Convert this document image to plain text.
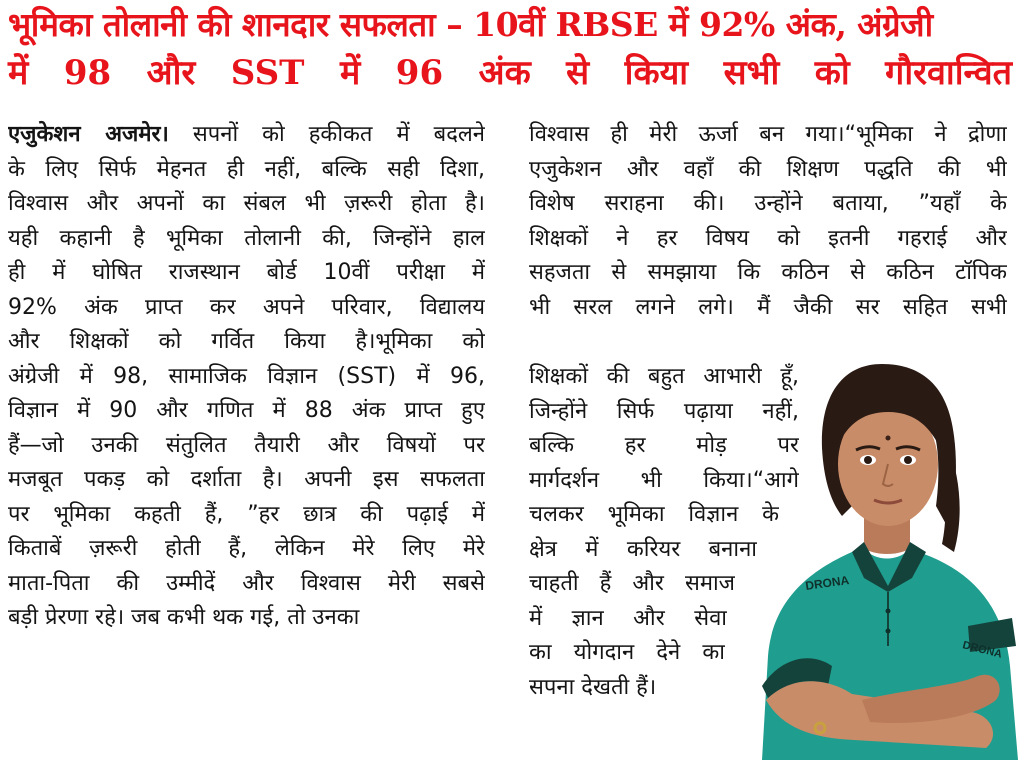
भूमिका तोलानी की शानदार सफलता – 10वीं RBSE में 92% अंक, अंग्रेजी
में 98 और SST में 96 अंक से किया सभी को गौरवान्वित
एजुकेशन अजमेर। सपनों को हकीकत में बदलने
के लिए सिर्फ मेहनत ही नहीं, बल्कि सही दिशा,
विश्वास और अपनों का संबल भी ज़रूरी होता है।
यही कहानी है भूमिका तोलानी की, जिन्होंने हाल
ही में घोषित राजस्थान बोर्ड 10वीं परीक्षा में
92% अंक प्राप्त कर अपने परिवार, विद्यालय
और शिक्षकों को गर्वित किया है।भूमिका को
अंग्रेजी में 98, सामाजिक विज्ञान (SST) में 96,
विज्ञान में 90 और गणित में 88 अंक प्राप्त हुए
हैं—जो उनकी संतुलित तैयारी और विषयों पर
मजबूत पकड़ को दर्शाता है। अपनी इस सफलता
पर भूमिका कहती हैं, ”हर छात्र की पढ़ाई में
किताबें ज़रूरी होती हैं, लेकिन मेरे लिए मेरे
माता-पिता की उम्मीदें और विश्वास मेरी सबसे
बड़ी प्रेरणा रहे। जब कभी थक गई, तो उनका
विश्वास ही मेरी ऊर्जा बन गया।“भूमिका ने द्रोणा
एजुकेशन और वहाँ की शिक्षण पद्धति की भी
विशेष सराहना की। उन्होंने बताया, ”यहाँ के
शिक्षकों ने हर विषय को इतनी गहराई और
सहजता से समझाया कि कठिन से कठिन टॉपिक
भी सरल लगने लगे। मैं जैकी सर सहित सभी
शिक्षकों की बहुत आभारी हूँ,
जिन्होंने सिर्फ पढ़ाया नहीं,
बल्कि हर मोड़ पर
मार्गदर्शन भी किया।“आगे
चलकर भूमिका विज्ञान के
क्षेत्र में करियर बनाना
चाहती हैं और समाज
में ज्ञान और सेवा
का योगदान देने का
सपना देखती हैं।
DRONA
DRONA
